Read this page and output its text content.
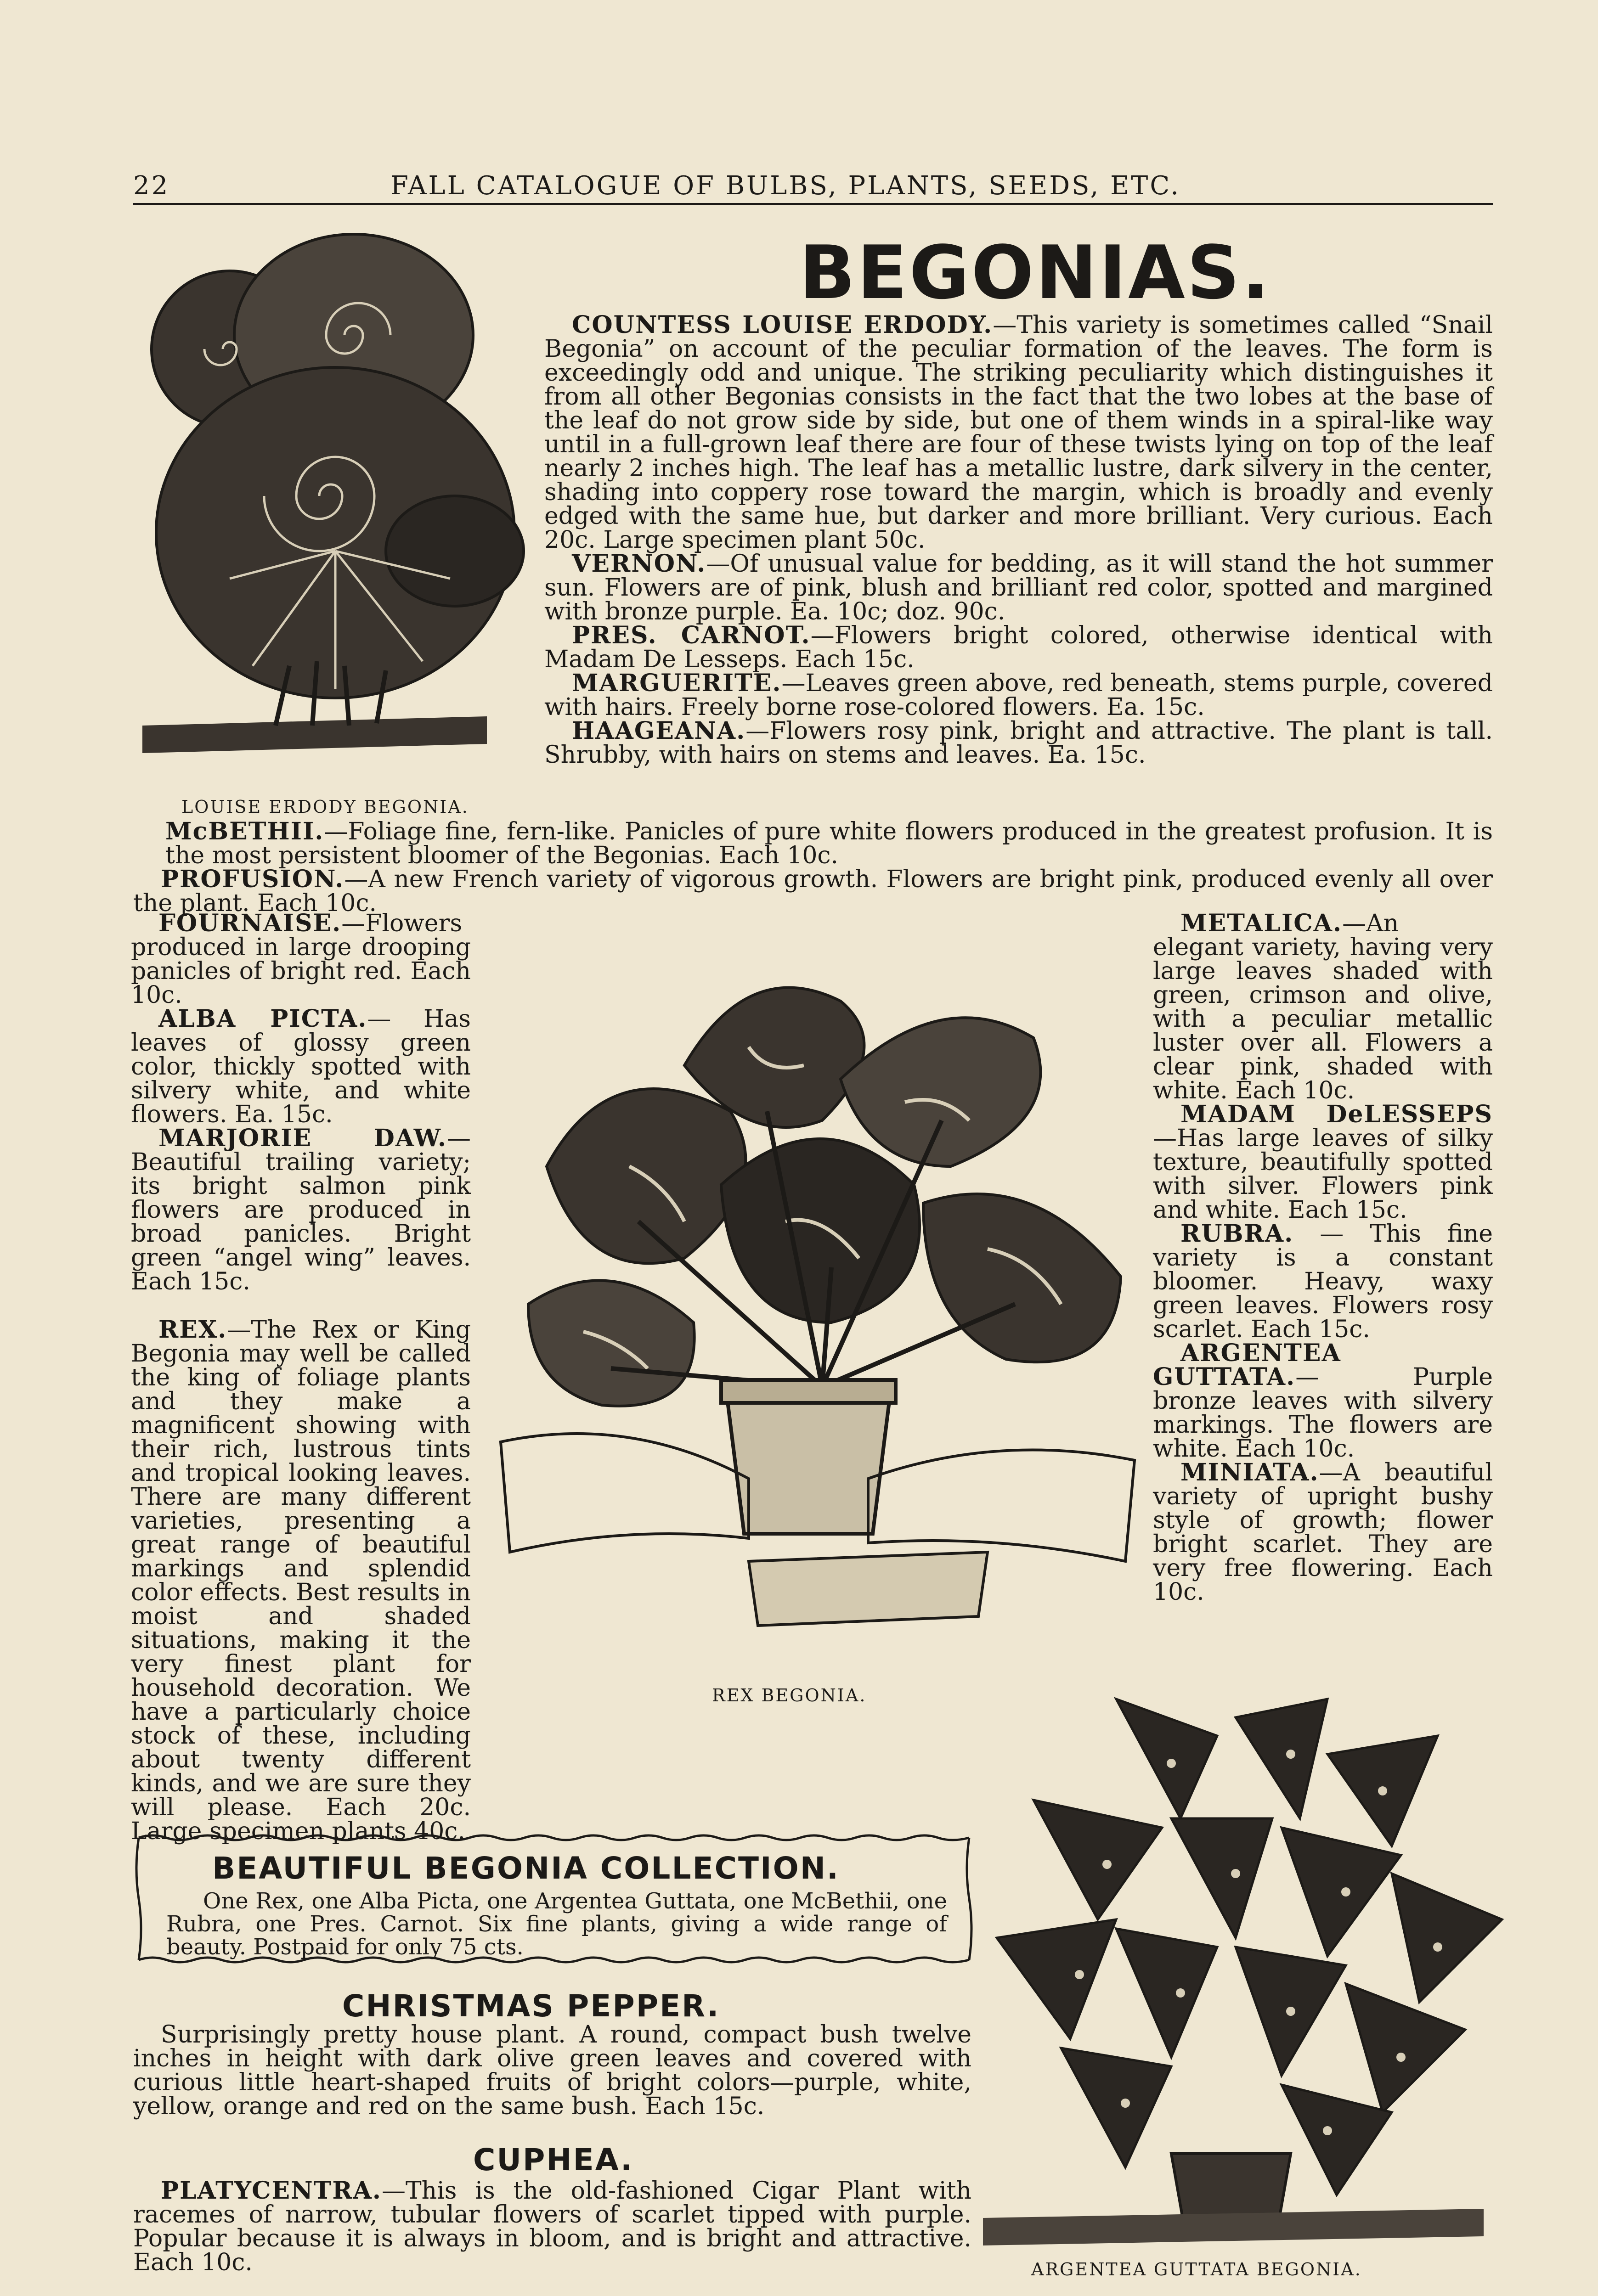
22	FALL CATALOGUE OF BULBS, PLANTS, SEEDS, ETC.
BEGONIAS.
LOUISE ERDODY BEGONIA.

COUNTESS LOUISE ERDODY.—This variety is sometimes called “Snail Begonia” on account of the peculiar formation of the leaves. The form is exceedingly odd and unique. The striking peculiarity which distinguishes it from all other Begonias consists in the fact that the two lobes at the base of the leaf do not grow side by side, but one of them winds in a spiral-like way until in a full-grown leaf there are four of these twists lying on top of the leaf nearly 2 inches high. The leaf has a metallic lustre, dark silvery in the center, shading into coppery rose toward the margin, which is broadly and evenly edged with the same hue, but darker and more brilliant. Very curious. Each 20c. Large specimen plant 50c.

VERNON.—Of unusual value for bedding, as it will stand the hot summer sun. Flowers are of pink, blush and brilliant red color, spotted and margined with bronze purple. Ea. 10c; doz. 90c.

PRES. CARNOT.—Flowers bright colored, otherwise identical with Madam De Lesseps. Each 15c.

MARGUERITE.—Leaves green above, red beneath, stems purple, covered with hairs. Freely borne rose-colored flowers. Ea. 15c.

HAAGEANA.—Flowers rosy pink, bright and attractive. The plant is tall. Shrubby, with hairs on stems and leaves. Ea. 15c.

McBETHII.—Foliage fine, fern-like. Panicles of pure white flowers produced in the greatest profusion. It is the most persistent bloomer of the Begonias. Each 10c.

PROFUSION.—A new French variety of vigorous growth. Flowers are bright pink, produced evenly all over the plant. Each 10c.

FOURNAISE.—Flowers produced in large drooping panicles of bright red. Each 10c.

ALBA PICTA.— Has leaves of glossy green color, thickly spotted with silvery white, and white flowers. Ea. 15c.

MARJORIE DAW.— Beautiful trailing variety; its bright salmon pink flowers are produced in broad panicles. Bright green “angel wing” leaves. Each 15c.

REX.—The Rex or King Begonia may well be called the king of foliage plants and they make a magnificent showing with their rich, lustrous tints and tropical looking leaves. There are many different varieties, presenting a great range of beautiful markings and splendid color effects. Best results in moist and shaded situations, making it the very finest plant for household decoration. We have a particularly choice stock of these, including about twenty different kinds, and we are sure they will please. Each 20c. Large specimen plants 40c.

REX BEGONIA.

METALICA.—An elegant variety, having very large leaves shaded with green, crimson and olive, with a peculiar metallic luster over all. Flowers a clear pink, shaded with white. Each 10c.

MADAM DeLESSEPS —Has large leaves of silky texture, beautifully spotted with silver. Flowers pink and white. Each 15c.

RUBRA. — This fine variety is a constant bloomer. Heavy, waxy green leaves. Flowers rosy scarlet. Each 15c.

ARGENTEA GUTTATA.— Purple bronze leaves with silvery markings. The flowers are white. Each 10c.

MINIATA.—A beautiful variety of upright bushy style of growth; flower bright scarlet. They are very free flowering. Each 10c.

BEAUTIFUL BEGONIA COLLECTION.

One Rex, one Alba Picta, one Argentea Guttata, one McBethii, one Rubra, one Pres. Carnot. Six fine plants, giving a wide range of beauty. Postpaid for only 75 cts.

CHRISTMAS PEPPER.

Surprisingly pretty house plant. A round, compact bush twelve inches in height with dark olive green leaves and covered with curious little heart-shaped fruits of bright colors—purple, white, yellow, orange and red on the same bush. Each 15c.

CUPHEA.

PLATYCENTRA.—This is the old-fashioned Cigar Plant with racemes of narrow, tubular flowers of scarlet tipped with purple. Popular because it is always in bloom, and is bright and attractive. Each 10c.	ARGENTEA GUTTATA BEGONIA.
